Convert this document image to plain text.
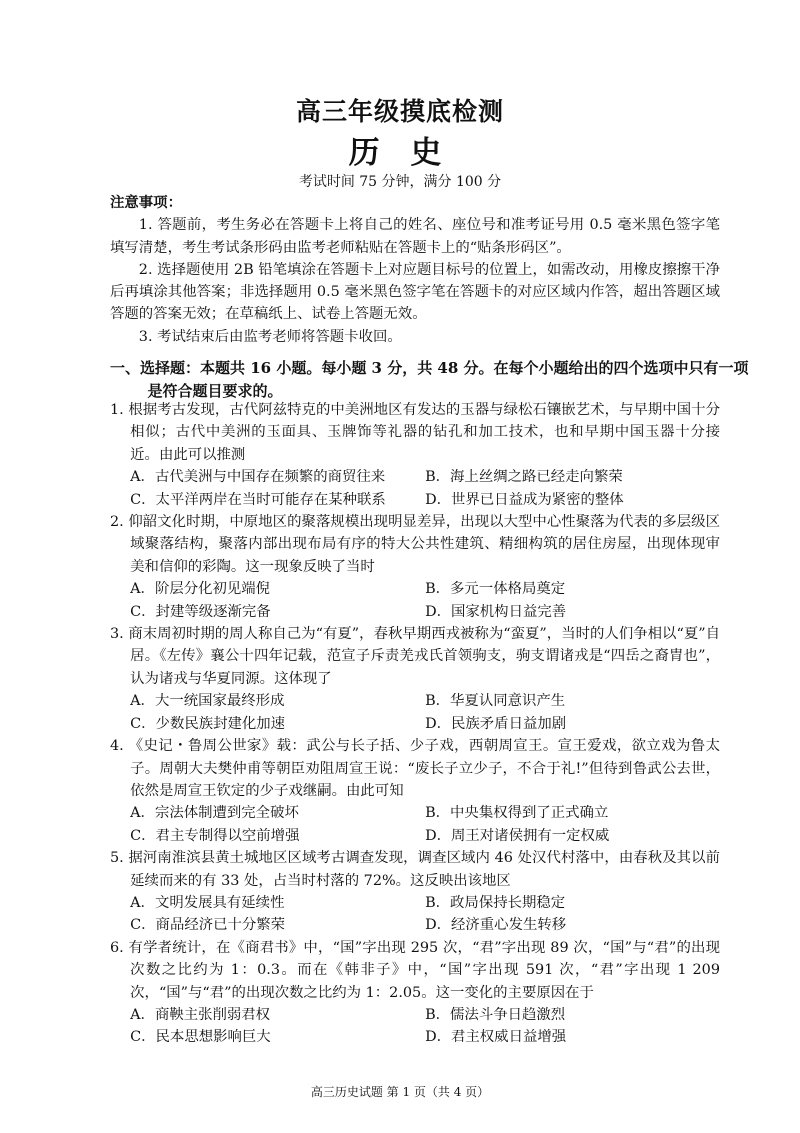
高三年级摸底检测
历 史
考试时间 75 分钟，满分 100 分
注意事项：
1. 答题前，考生务必在答题卡上将自己的姓名、座位号和准考证号用 0.5 毫米黑色签字笔填写清楚，考生考试条形码由监考老师粘贴在答题卡上的“贴条形码区”。
2. 选择题使用 2B 铅笔填涂在答题卡上对应题目标号的位置上，如需改动，用橡皮擦擦干净后再填涂其他答案；非选择题用 0.5 毫米黑色签字笔在答题卡的对应区域内作答，超出答题区域答题的答案无效；在草稿纸上、试卷上答题无效。
3. 考试结束后由监考老师将答题卡收回。
一、选择题：本题共 16 小题。每小题 3 分，共 48 分。在每个小题给出的四个选项中只有一项是符合题目要求的。
1. 根据考古发现，古代阿兹特克的中美洲地区有发达的玉器与绿松石镶嵌艺术，与早期中国十分相似；古代中美洲的玉面具、玉牌饰等礼器的钻孔和加工技术，也和早期中国玉器十分接近。由此可以推测
A．古代美洲与中国存在频繁的商贸往来	B．海上丝绸之路已经走向繁荣
C．太平洋两岸在当时可能存在某种联系	D．世界已日益成为紧密的整体
2. 仰韶文化时期，中原地区的聚落规模出现明显差异，出现以大型中心性聚落为代表的多层级区域聚落结构，聚落内部出现布局有序的特大公共性建筑、精细构筑的居住房屋，出现体现审美和信仰的彩陶。这一现象反映了当时
A．阶层分化初见端倪	B．多元一体格局奠定
C．封建等级逐渐完备	D．国家机构日益完善
3. 商末周初时期的周人称自己为“有夏”，春秋早期西戎被称为“蛮夏”，当时的人们争相以“夏”自居。《左传》襄公十四年记载，范宣子斥责羌戎氏首领驹支，驹支谓诸戎是“四岳之裔胄也”，认为诸戎与华夏同源。这体现了
A．大一统国家最终形成	B．华夏认同意识产生
C．少数民族封建化加速	D．民族矛盾日益加剧
4. 《史记・鲁周公世家》载：武公与长子括、少子戏，西朝周宣王。宣王爱戏，欲立戏为鲁太子。周朝大夫樊仲甫等朝臣劝阻周宣王说：“废长子立少子，不合于礼!”但待到鲁武公去世，依然是周宣王钦定的少子戏继嗣。由此可知
A．宗法体制遭到完全破坏	B．中央集权得到了正式确立
C．君主专制得以空前增强	D．周王对诸侯拥有一定权威
5. 据河南淮滨县黄土城地区区域考古调查发现，调查区域内 46 处汉代村落中，由春秋及其以前延续而来的有 33 处，占当时村落的 72%。这反映出该地区
A．文明发展具有延续性	B．政局保持长期稳定
C．商品经济已十分繁荣	D．经济重心发生转移
6. 有学者统计，在《商君书》中，“国”字出现 295 次，“君”字出现 89 次，“国”与“君”的出现次数之比约为 1：0.3。而在《韩非子》中，“国”字出现 591 次，“君”字出现 1 209 次，“国”与“君”的出现次数之比约为 1：2.05。这一变化的主要原因在于
A．商鞅主张削弱君权	B．儒法斗争日趋激烈
C．民本思想影响巨大	D．君主权威日益增强
高三历史试题 第 1 页（共 4 页）
